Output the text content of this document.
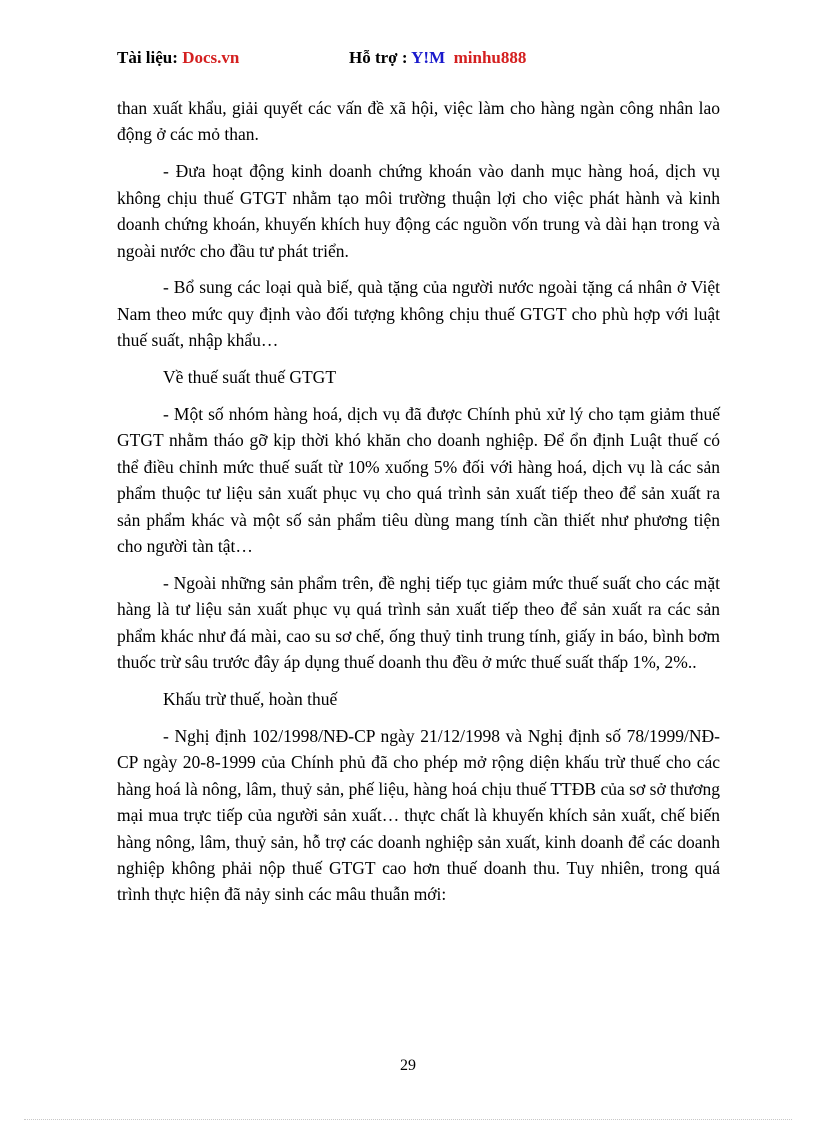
Tài liệu: Docs.vn	Hỗ trợ : Y!M minhu888

than xuất khẩu, giải quyết các vấn đề xã hội, việc làm cho hàng ngàn công nhân lao động ở các mỏ than.

- Đưa hoạt động kinh doanh chứng khoán vào danh mục hàng hoá, dịch vụ không chịu thuế GTGT nhằm tạo môi trường thuận lợi cho việc phát hành và kinh doanh chứng khoán, khuyến khích huy động các nguồn vốn trung và dài hạn trong và ngoài nước cho đầu tư phát triển.

- Bổ sung các loại quà biế, quà tặng của người nước ngoài tặng cá nhân ở Việt Nam theo mức quy định vào đối tượng không chịu thuế GTGT cho phù hợp với luật thuế suất, nhập khẩu…

Về thuế suất thuế GTGT

- Một số nhóm hàng hoá, dịch vụ đã được Chính phủ xử lý cho tạm giảm thuế GTGT nhằm tháo gỡ kịp thời khó khăn cho doanh nghiệp. Để ổn định Luật thuế có thể điều chỉnh mức thuế suất từ 10% xuống 5% đối với hàng hoá, dịch vụ là các sản phẩm thuộc tư liệu sản xuất phục vụ cho quá trình sản xuất tiếp theo để sản xuất ra sản phẩm khác và một số sản phẩm tiêu dùng mang tính cần thiết như phương tiện cho người tàn tật…

- Ngoài những sản phẩm trên, đề nghị tiếp tục giảm mức thuế suất cho các mặt hàng là tư liệu sản xuất phục vụ quá trình sản xuất tiếp theo để sản xuất ra các sản phẩm khác như đá mài, cao su sơ chế, ống thuỷ tinh trung tính, giấy in báo, bình bơm thuốc trừ sâu trước đây áp dụng thuế doanh thu đều ở mức thuế suất thấp 1%, 2%..

Khấu trừ thuế, hoàn thuế

- Nghị định 102/1998/NĐ-CP ngày 21/12/1998 và Nghị định số 78/1999/NĐ-CP ngày 20-8-1999 của Chính phủ đã cho phép mở rộng diện khấu trừ thuế cho các hàng hoá là nông, lâm, thuỷ sản, phế liệu, hàng hoá chịu thuế TTĐB của sơ sở thương mại mua trực tiếp của người sản xuất… thực chất là khuyến khích sản xuất, chế biến hàng nông, lâm, thuỷ sản, hỗ trợ các doanh nghiệp sản xuất, kinh doanh để các doanh nghiệp không phải nộp thuế GTGT cao hơn thuế doanh thu. Tuy nhiên, trong quá trình thực hiện đã nảy sinh các mâu thuẫn mới:

29
